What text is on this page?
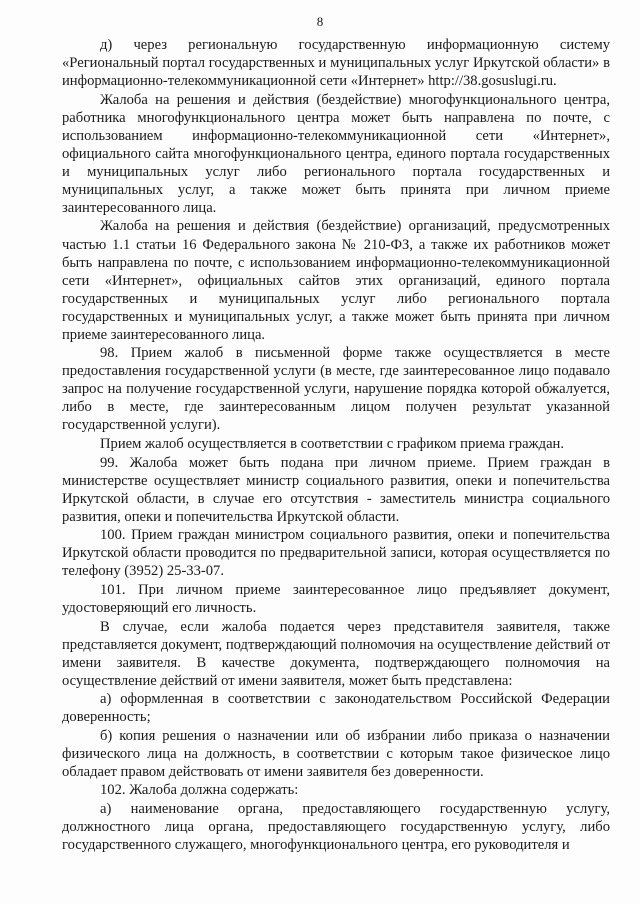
8

д) через региональную государственную информационную систему «Региональный портал государственных и муниципальных услуг Иркутской области» в информационно-телекоммуникационной сети «Интернет» http://38.gosuslugi.ru.

Жалоба на решения и действия (бездействие) многофункционального центра, работника многофункционального центра может быть направлена по почте, с использованием информационно-телекоммуникационной сети «Интернет», официального сайта многофункционального центра, единого портала государственных и муниципальных услуг либо регионального портала государственных и муниципальных услуг, а также может быть принята при личном приеме заинтересованного лица.

Жалоба на решения и действия (бездействие) организаций, предусмотренных частью 1.1 статьи 16 Федерального закона № 210-ФЗ, а также их работников может быть направлена по почте, с использованием информационно-телекоммуникационной сети «Интернет», официальных сайтов этих организаций, единого портала государственных и муниципальных услуг либо регионального портала государственных и муниципальных услуг, а также может быть принята при личном приеме заинтересованного лица.

98. Прием жалоб в письменной форме также осуществляется в месте предоставления государственной услуги (в месте, где заинтересованное лицо подавало запрос на получение государственной услуги, нарушение порядка которой обжалуется, либо в месте, где заинтересованным лицом получен результат указанной государственной услуги).

Прием жалоб осуществляется в соответствии с графиком приема граждан.

99. Жалоба может быть подана при личном приеме. Прием граждан в министерстве осуществляет министр социального развития, опеки и попечительства Иркутской области, в случае его отсутствия - заместитель министра социального развития, опеки и попечительства Иркутской области.

100. Прием граждан министром социального развития, опеки и попечительства Иркутской области проводится по предварительной записи, которая осуществляется по телефону (3952) 25-33-07.

101. При личном приеме заинтересованное лицо предъявляет документ, удостоверяющий его личность.

В случае, если жалоба подается через представителя заявителя, также представляется документ, подтверждающий полномочия на осуществление действий от имени заявителя. В качестве документа, подтверждающего полномочия на осуществление действий от имени заявителя, может быть представлена:

а) оформленная в соответствии с законодательством Российской Федерации доверенность;

б) копия решения о назначении или об избрании либо приказа о назначении физического лица на должность, в соответствии с которым такое физическое лицо обладает правом действовать от имени заявителя без доверенности.

102. Жалоба должна содержать:

а) наименование органа, предоставляющего государственную услугу, должностного лица органа, предоставляющего государственную услугу, либо государственного служащего, многофункционального центра, его руководителя и
